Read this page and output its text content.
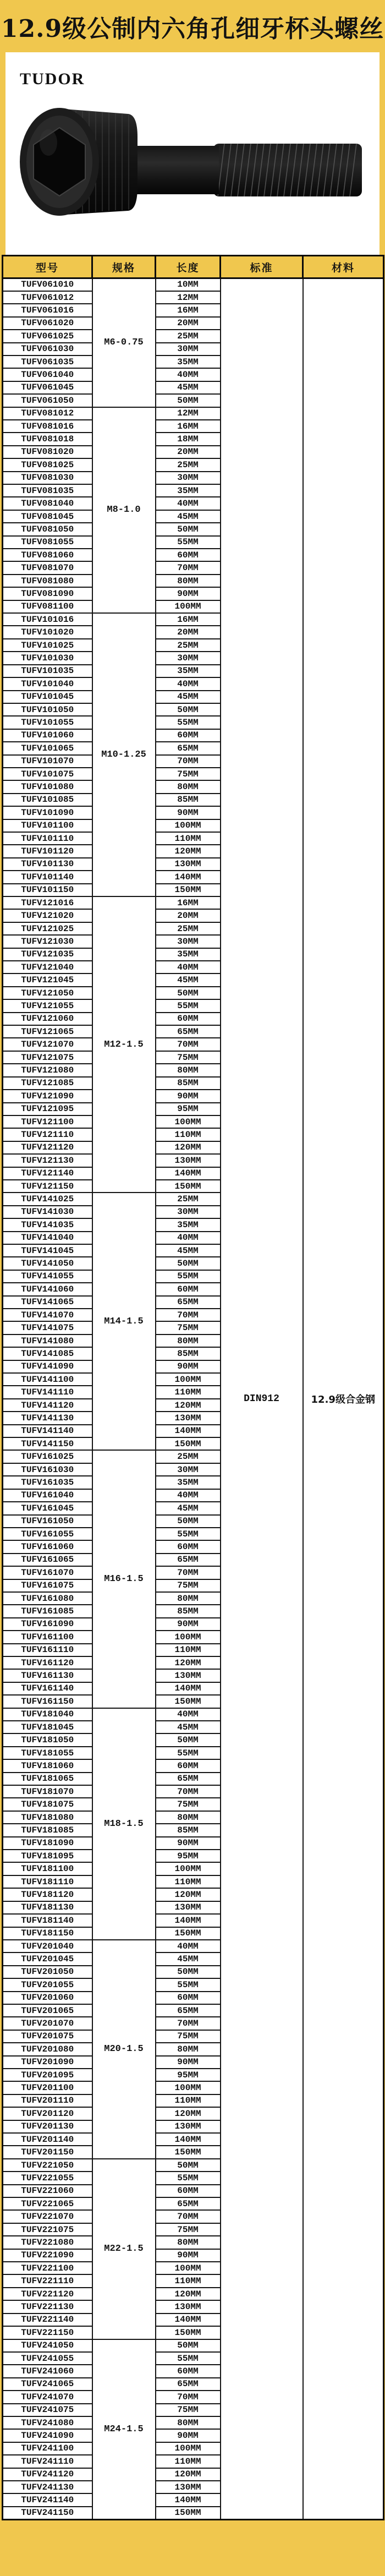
12.9级公制内六角孔细牙杯头螺丝
TUDOR
型号	规格	长度	标准	材料
TUFV061010	M6-0.75	10MM	DIN912	12.9级合金钢
TUFV061012		12MM		
TUFV061016		16MM		
TUFV061020		20MM		
TUFV061025		25MM		
TUFV061030		30MM		
TUFV061035		35MM		
TUFV061040		40MM		
TUFV061045		45MM		
TUFV061050		50MM		
TUFV081012	M8-1.0	12MM		
TUFV081016		16MM		
TUFV081018		18MM		
TUFV081020		20MM		
TUFV081025		25MM		
TUFV081030		30MM		
TUFV081035		35MM		
TUFV081040		40MM		
TUFV081045		45MM		
TUFV081050		50MM		
TUFV081055		55MM		
TUFV081060		60MM		
TUFV081070		70MM		
TUFV081080		80MM		
TUFV081090		90MM		
TUFV081100		100MM		
TUFV101016	M10-1.25	16MM		
TUFV101020		20MM		
TUFV101025		25MM		
TUFV101030		30MM		
TUFV101035		35MM		
TUFV101040		40MM		
TUFV101045		45MM		
TUFV101050		50MM		
TUFV101055		55MM		
TUFV101060		60MM		
TUFV101065		65MM		
TUFV101070		70MM		
TUFV101075		75MM		
TUFV101080		80MM		
TUFV101085		85MM		
TUFV101090		90MM		
TUFV101100		100MM		
TUFV101110		110MM		
TUFV101120		120MM		
TUFV101130		130MM		
TUFV101140		140MM		
TUFV101150		150MM		
TUFV121016	M12-1.5	16MM		
TUFV121020		20MM		
TUFV121025		25MM		
TUFV121030		30MM		
TUFV121035		35MM		
TUFV121040		40MM		
TUFV121045		45MM		
TUFV121050		50MM		
TUFV121055		55MM		
TUFV121060		60MM		
TUFV121065		65MM		
TUFV121070		70MM		
TUFV121075		75MM		
TUFV121080		80MM		
TUFV121085		85MM		
TUFV121090		90MM		
TUFV121095		95MM		
TUFV121100		100MM		
TUFV121110		110MM		
TUFV121120		120MM		
TUFV121130		130MM		
TUFV121140		140MM		
TUFV121150		150MM		
TUFV141025	M14-1.5	25MM		
TUFV141030		30MM		
TUFV141035		35MM		
TUFV141040		40MM		
TUFV141045		45MM		
TUFV141050		50MM		
TUFV141055		55MM		
TUFV141060		60MM		
TUFV141065		65MM		
TUFV141070		70MM		
TUFV141075		75MM		
TUFV141080		80MM		
TUFV141085		85MM		
TUFV141090		90MM		
TUFV141100		100MM		
TUFV141110		110MM		
TUFV141120		120MM		
TUFV141130		130MM		
TUFV141140		140MM		
TUFV141150		150MM		
TUFV161025	M16-1.5	25MM		
TUFV161030		30MM		
TUFV161035		35MM		
TUFV161040		40MM		
TUFV161045		45MM		
TUFV161050		50MM		
TUFV161055		55MM		
TUFV161060		60MM		
TUFV161065		65MM		
TUFV161070		70MM		
TUFV161075		75MM		
TUFV161080		80MM		
TUFV161085		85MM		
TUFV161090		90MM		
TUFV161100		100MM		
TUFV161110		110MM		
TUFV161120		120MM		
TUFV161130		130MM		
TUFV161140		140MM		
TUFV161150		150MM		
TUFV181040	M18-1.5	40MM		
TUFV181045		45MM		
TUFV181050		50MM		
TUFV181055		55MM		
TUFV181060		60MM		
TUFV181065		65MM		
TUFV181070		70MM		
TUFV181075		75MM		
TUFV181080		80MM		
TUFV181085		85MM		
TUFV181090		90MM		
TUFV181095		95MM		
TUFV181100		100MM		
TUFV181110		110MM		
TUFV181120		120MM		
TUFV181130		130MM		
TUFV181140		140MM		
TUFV181150		150MM		
TUFV201040	M20-1.5	40MM		
TUFV201045		45MM		
TUFV201050		50MM		
TUFV201055		55MM		
TUFV201060		60MM		
TUFV201065		65MM		
TUFV201070		70MM		
TUFV201075		75MM		
TUFV201080		80MM		
TUFV201090		90MM		
TUFV201095		95MM		
TUFV201100		100MM		
TUFV201110		110MM		
TUFV201120		120MM		
TUFV201130		130MM		
TUFV201140		140MM		
TUFV201150		150MM		
TUFV221050	M22-1.5	50MM		
TUFV221055		55MM		
TUFV221060		60MM		
TUFV221065		65MM		
TUFV221070		70MM		
TUFV221075		75MM		
TUFV221080		80MM		
TUFV221090		90MM		
TUFV221100		100MM		
TUFV221110		110MM		
TUFV221120		120MM		
TUFV221130		130MM		
TUFV221140		140MM		
TUFV221150		150MM		
TUFV241050	M24-1.5	50MM		
TUFV241055		55MM		
TUFV241060		60MM		
TUFV241065		65MM		
TUFV241070		70MM		
TUFV241075		75MM		
TUFV241080		80MM		
TUFV241090		90MM		
TUFV241100		100MM		
TUFV241110		110MM		
TUFV241120		120MM		
TUFV241130		130MM		
TUFV241140		140MM		
TUFV241150		150MM		
